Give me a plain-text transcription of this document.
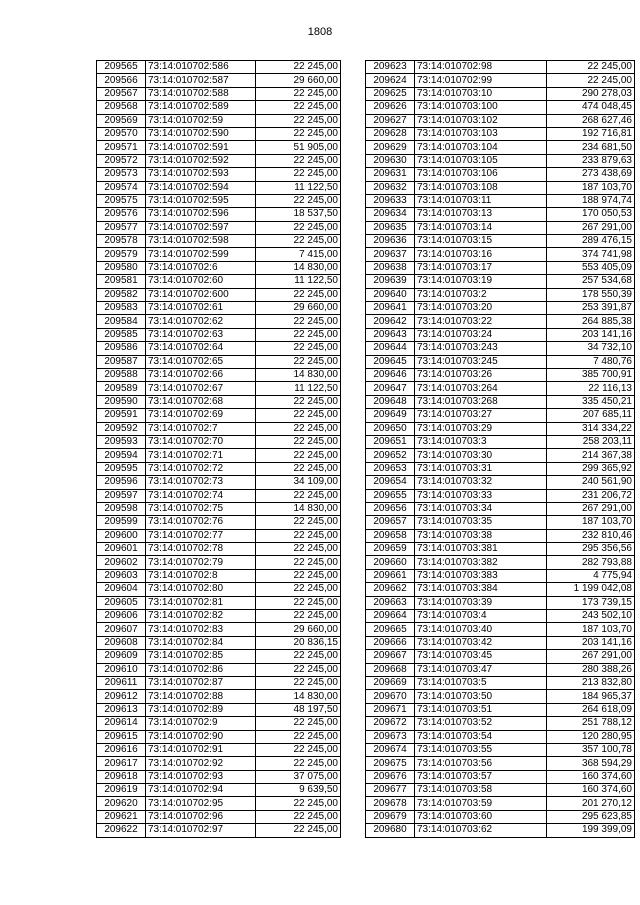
1808
209565	73:14:010702:586	22 245,00
209566	73:14:010702:587	29 660,00
209567	73:14:010702:588	22 245,00
209568	73:14:010702:589	22 245,00
209569	73:14:010702:59	22 245,00
209570	73:14:010702:590	22 245,00
209571	73:14:010702:591	51 905,00
209572	73:14:010702:592	22 245,00
209573	73:14:010702:593	22 245,00
209574	73:14:010702:594	11 122,50
209575	73:14:010702:595	22 245,00
209576	73:14:010702:596	18 537,50
209577	73:14:010702:597	22 245,00
209578	73:14:010702:598	22 245,00
209579	73:14:010702:599	7 415,00
209580	73:14:010702:6	14 830,00
209581	73:14:010702:60	11 122,50
209582	73:14:010702:600	22 245,00
209583	73:14:010702:61	29 660,00
209584	73:14:010702:62	22 245,00
209585	73:14:010702:63	22 245,00
209586	73:14:010702:64	22 245,00
209587	73:14:010702:65	22 245,00
209588	73:14:010702:66	14 830,00
209589	73:14:010702:67	11 122,50
209590	73:14:010702:68	22 245,00
209591	73:14:010702:69	22 245,00
209592	73:14:010702:7	22 245,00
209593	73:14:010702:70	22 245,00
209594	73:14:010702:71	22 245,00
209595	73:14:010702:72	22 245,00
209596	73:14:010702:73	34 109,00
209597	73:14:010702:74	22 245,00
209598	73:14:010702:75	14 830,00
209599	73:14:010702:76	22 245,00
209600	73:14:010702:77	22 245,00
209601	73:14:010702:78	22 245,00
209602	73:14:010702:79	22 245,00
209603	73:14:010702:8	22 245,00
209604	73:14:010702:80	22 245,00
209605	73:14:010702:81	22 245,00
209606	73:14:010702:82	22 245,00
209607	73:14:010702:83	29 660,00
209608	73:14:010702:84	20 836,15
209609	73:14:010702:85	22 245,00
209610	73:14:010702:86	22 245,00
209611	73:14:010702:87	22 245,00
209612	73:14:010702:88	14 830,00
209613	73:14:010702:89	48 197,50
209614	73:14:010702:9	22 245,00
209615	73:14:010702:90	22 245,00
209616	73:14:010702:91	22 245,00
209617	73:14:010702:92	22 245,00
209618	73:14:010702:93	37 075,00
209619	73:14:010702:94	9 639,50
209620	73:14:010702:95	22 245,00
209621	73:14:010702:96	22 245,00
209622	73:14:010702:97	22 245,00
209623	73:14:010702:98	22 245,00
209624	73:14:010702:99	22 245,00
209625	73:14:010703:10	290 278,03
209626	73:14:010703:100	474 048,45
209627	73:14:010703:102	268 627,46
209628	73:14:010703:103	192 716,81
209629	73:14:010703:104	234 681,50
209630	73:14:010703:105	233 879,63
209631	73:14:010703:106	273 438,69
209632	73:14:010703:108	187 103,70
209633	73:14:010703:11	188 974,74
209634	73:14:010703:13	170 050,53
209635	73:14:010703:14	267 291,00
209636	73:14:010703:15	289 476,15
209637	73:14:010703:16	374 741,98
209638	73:14:010703:17	553 405,09
209639	73:14:010703:19	257 534,68
209640	73:14:010703:2	178 550,39
209641	73:14:010703:20	253 391,87
209642	73:14:010703:22	264 885,38
209643	73:14:010703:24	203 141,16
209644	73:14:010703:243	34 732,10
209645	73:14:010703:245	7 480,76
209646	73:14:010703:26	385 700,91
209647	73:14:010703:264	22 116,13
209648	73:14:010703:268	335 450,21
209649	73:14:010703:27	207 685,11
209650	73:14:010703:29	314 334,22
209651	73:14:010703:3	258 203,11
209652	73:14:010703:30	214 367,38
209653	73:14:010703:31	299 365,92
209654	73:14:010703:32	240 561,90
209655	73:14:010703:33	231 206,72
209656	73:14:010703:34	267 291,00
209657	73:14:010703:35	187 103,70
209658	73:14:010703:38	232 810,46
209659	73:14:010703:381	295 356,56
209660	73:14:010703:382	282 793,88
209661	73:14:010703:383	4 775,94
209662	73:14:010703:384	1 199 042,08
209663	73:14:010703:39	173 739,15
209664	73:14:010703:4	243 502,10
209665	73:14:010703:40	187 103,70
209666	73:14:010703:42	203 141,16
209667	73:14:010703:45	267 291,00
209668	73:14:010703:47	280 388,26
209669	73:14:010703:5	213 832,80
209670	73:14:010703:50	184 965,37
209671	73:14:010703:51	264 618,09
209672	73:14:010703:52	251 788,12
209673	73:14:010703:54	120 280,95
209674	73:14:010703:55	357 100,78
209675	73:14:010703:56	368 594,29
209676	73:14:010703:57	160 374,60
209677	73:14:010703:58	160 374,60
209678	73:14:010703:59	201 270,12
209679	73:14:010703:60	295 623,85
209680	73:14:010703:62	199 399,09
